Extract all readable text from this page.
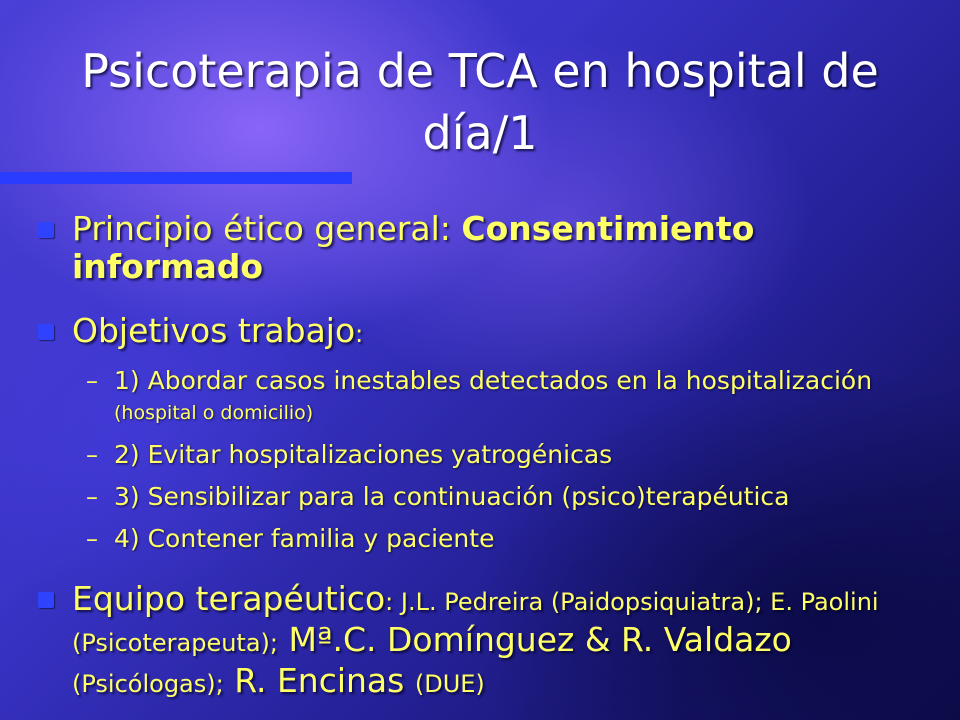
Psicoterapia de TCA en hospital de día/1
Principio ético general: Consentimiento informado
Objetivos trabajo:
– 1) Abordar casos inestables detectados en la hospitalización (hospital o domicilio)
– 2) Evitar hospitalizaciones yatrogénicas
– 3) Sensibilizar para la continuación (psico)terapéutica
– 4) Contener familia y paciente
Equipo terapéutico: J.L. Pedreira (Paidopsiquiatra); E. Paolini (Psicoterapeuta); Mª.C. Domínguez & R. Valdazo (Psicólogas); R. Encinas (DUE)
